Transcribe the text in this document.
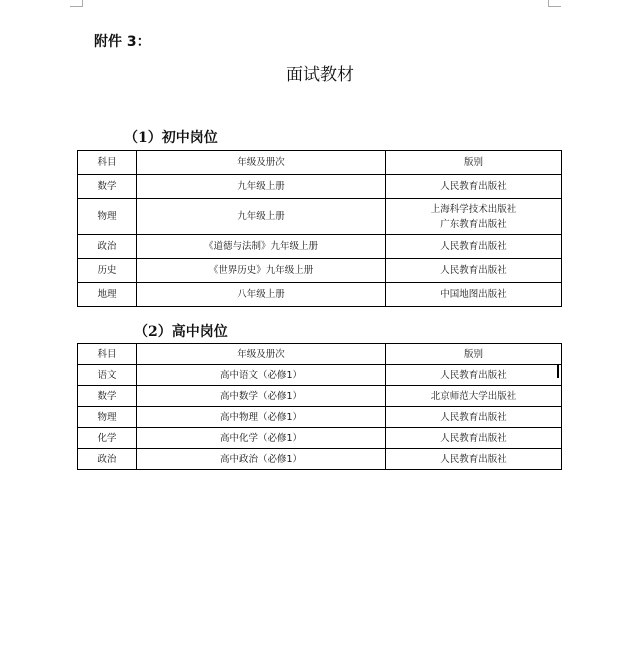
附件 3：
面试教材
（1）初中岗位
科目	年级及册次	版别
数学	九年级上册	人民教育出版社
物理	九年级上册	上海科学技术出版社
广东教育出版社

政治	《道德与法制》九年级上册	人民教育出版社
历史	《世界历史》九年级上册	人民教育出版社
地理	八年级上册	中国地图出版社
（2）高中岗位
科目	年级及册次	版别
语文	高中语文（必修1）	人民教育出版社
数学	高中数学（必修1）	北京师范大学出版社
物理	高中物理（必修1）	人民教育出版社
化学	高中化学（必修1）	人民教育出版社
政治	高中政治（必修1）	人民教育出版社
